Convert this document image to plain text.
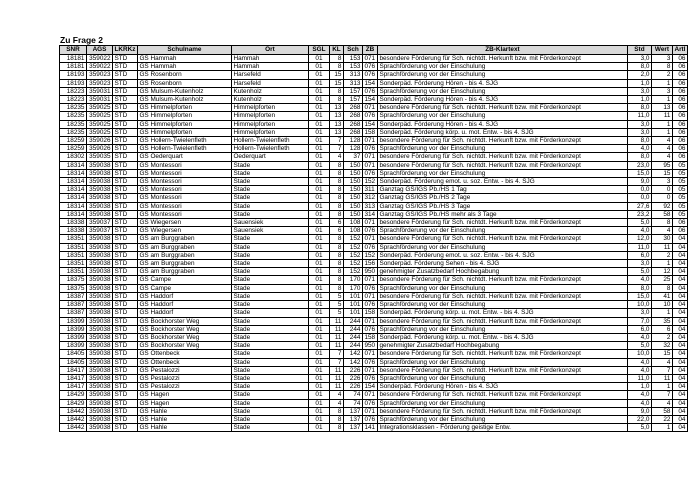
Zu Frage 2
SNR	AGS	LKRKz	Schulname	Ort	SGL	KL	Sch	ZB	ZB-Klartext	Std	Wert	Artl
18181	359022	STD	GS Hammah	Hammah	01	8	153	071	besondere Förderung für Sch. nichtdt. Herkunft bzw. mit Förderkonzept	3,0	3	06
18181	359022	STD	GS Hammah	Hammah	01	8	153	076	Sprachförderung vor der Einschulung	8,0	8	06
18193	359023	STD	GS Rosenborn	Harsefeld	01	15	313	076	Sprachförderung vor der Einschulung	2,0	2	06
18193	359023	STD	GS Rosenborn	Harsefeld	01	15	313	154	Sonderpäd. Förderung Hören - bis 4. SJG	1,0	1	06
18223	359031	STD	GS Mulsum-Kutenholz	Kutenholz	01	8	157	076	Sprachförderung vor der Einschulung	3,0	3	06
18223	359031	STD	GS Mulsum-Kutenholz	Kutenholz	01	8	157	154	Sonderpäd. Förderung Hören - bis 4. SJG	1,0	1	06
18235	359025	STD	GS Himmelpforten	Himmelpforten	01	13	268	071	besondere Förderung für Sch. nichtdt. Herkunft bzw. mit Förderkonzept	8,0	13	06
18235	359025	STD	GS Himmelpforten	Himmelpforten	01	13	268	076	Sprachförderung vor der Einschulung	11,0	11	06
18235	359025	STD	GS Himmelpforten	Himmelpforten	01	13	268	154	Sonderpäd. Förderung Hören - bis 4. SJG	3,0	1	06
18235	359025	STD	GS Himmelpforten	Himmelpforten	01	13	268	158	Sonderpäd. Förderung körp. u. mot. Entw. - bis 4. SJG	3,0	1	06
18259	359026	STD	GS Hollern-Twielenfleth	Hollern-Twielenfleth	01	7	128	071	besondere Förderung für Sch. nichtdt. Herkunft bzw. mit Förderkonzept	8,0	4	06
18259	359026	STD	GS Hollern-Twielenfleth	Hollern-Twielenfleth	01	7	128	076	Sprachförderung vor der Einschulung	4,0	4	06
18302	359035	STD	GS Oederquart	Oederquart	01	4	37	071	besondere Förderung für Sch. nichtdt. Herkunft bzw. mit Förderkonzept	8,0	4	06
18314	359038	STD	GS Montessori	Stade	01	8	150	071	besondere Förderung für Sch. nichtdt. Herkunft bzw. mit Förderkonzept	23,0	95	05
18314	359038	STD	GS Montessori	Stade	01	8	150	076	Sprachförderung vor der Einschulung	15,0	15	05
18314	359038	STD	GS Montessori	Stade	01	8	150	152	Sonderpäd. Förderung emot. u. soz. Entw. - bis 4. SJG	9,0	3	05
18314	359038	STD	GS Montessori	Stade	01	8	150	311	Ganztag GS/IGS Pb./HS 1 Tag	0,0	0	05
18314	359038	STD	GS Montessori	Stade	01	8	150	312	Ganztag GS/IGS Pb./HS 2 Tage	0,0	0	05
18314	359038	STD	GS Montessori	Stade	01	8	150	313	Ganztag GS/IGS Pb./HS 3 Tage	27,6	92	05
18314	359038	STD	GS Montessori	Stade	01	8	150	314	Ganztag GS/IGS Pb./HS mehr als 3 Tage	23,2	58	05
18338	359037	STD	GS Wiegersen	Sauensiek	01	6	108	071	besondere Förderung für Sch. nichtdt. Herkunft bzw. mit Förderkonzept	5,0	8	06
18338	359037	STD	GS Wiegersen	Sauensiek	01	6	108	076	Sprachförderung vor der Einschulung	4,0	4	06
18351	359038	STD	GS am Burggraben	Stade	01	8	152	071	besondere Förderung für Sch. nichtdt. Herkunft bzw. mit Förderkonzept	12,0	30	04
18351	359038	STD	GS am Burggraben	Stade	01	8	152	076	Sprachförderung vor der Einschulung	11,0	11	04
18351	359038	STD	GS am Burggraben	Stade	01	8	152	152	Sonderpäd. Förderung emot. u. soz. Entw. - bis 4. SJG	6,0	2	04
18351	359038	STD	GS am Burggraben	Stade	01	8	152	156	Sonderpäd. Förderung Sehen - bis 4. SJG	3,0	1	04
18351	359038	STD	GS am Burggraben	Stade	01	8	152	950	genehmigter Zusatzbedarf Hochbegabung	5,0	12	04
18375	359038	STD	GS Campe	Stade	01	8	170	071	besondere Förderung für Sch. nichtdt. Herkunft bzw. mit Förderkonzept	4,0	25	04
18375	359038	STD	GS Campe	Stade	01	8	170	076	Sprachförderung vor der Einschulung	8,0	8	04
18387	359038	STD	GS Haddorf	Stade	01	5	101	071	besondere Förderung für Sch. nichtdt. Herkunft bzw. mit Förderkonzept	15,0	41	04
18387	359038	STD	GS Haddorf	Stade	01	5	101	076	Sprachförderung vor der Einschulung	10,0	10	04
18387	359038	STD	GS Haddorf	Stade	01	5	101	158	Sonderpäd. Förderung körp. u. mot. Entw. - bis 4. SJG	3,0	1	04
18399	359038	STD	GS Bockhorster Weg	Stade	01	11	244	071	besondere Förderung für Sch. nichtdt. Herkunft bzw. mit Förderkonzept	7,0	35	04
18399	359038	STD	GS Bockhorster Weg	Stade	01	11	244	076	Sprachförderung vor der Einschulung	6,0	6	04
18399	359038	STD	GS Bockhorster Weg	Stade	01	11	244	158	Sonderpäd. Förderung körp. u. mot. Entw. - bis 4. SJG	4,0	2	04
18399	359038	STD	GS Bockhorster Weg	Stade	01	11	244	950	genehmigter Zusatzbedarf Hochbegabung	5,0	32	04
18405	359038	STD	GS Ottenbeck	Stade	01	7	142	071	besondere Förderung für Sch. nichtdt. Herkunft bzw. mit Förderkonzept	10,0	15	04
18405	359038	STD	GS Ottenbeck	Stade	01	7	142	076	Sprachförderung vor der Einschulung	4,0	4	04
18417	359038	STD	GS Pestalozzi	Stade	01	11	226	071	besondere Förderung für Sch. nichtdt. Herkunft bzw. mit Förderkonzept	4,0	7	04
18417	359038	STD	GS Pestalozzi	Stade	01	11	226	076	Sprachförderung vor der Einschulung	11,0	11	04
18417	359038	STD	GS Pestalozzi	Stade	01	11	226	154	Sonderpäd. Förderung Hören - bis 4. SJG	1,0	1	04
18429	359038	STD	GS Hagen	Stade	01	4	74	071	besondere Förderung für Sch. nichtdt. Herkunft bzw. mit Förderkonzept	4,0	7	04
18429	359038	STD	GS Hagen	Stade	01	4	74	076	Sprachförderung vor der Einschulung	4,0	4	04
18442	359038	STD	GS Hahle	Stade	01	8	137	071	besondere Förderung für Sch. nichtdt. Herkunft bzw. mit Förderkonzept	9,0	58	04
18442	359038	STD	GS Hahle	Stade	01	8	137	076	Sprachförderung vor der Einschulung	22,0	22	04
18442	359038	STD	GS Hahle	Stade	01	8	137	141	Integrationsklassen - Förderung geistige Entw.	5,0	1	04
